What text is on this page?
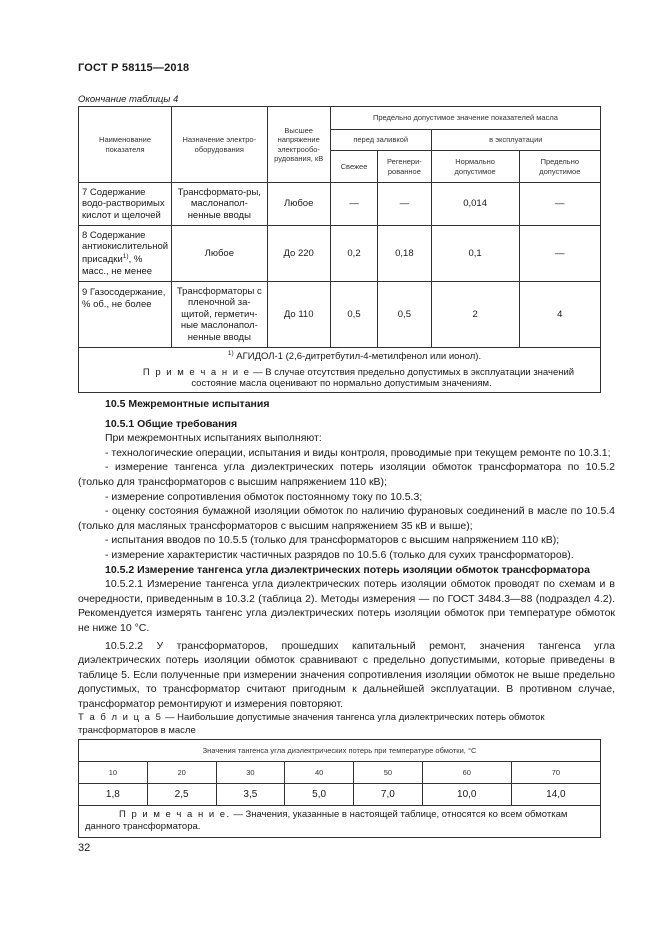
ГОСТ Р 58115—2018
Окончание таблицы 4
Наименование показателя	Назначение электро-оборудования	Высшее напряжение электрообо-рудования, кВ	Предельно допустимое значение показателей масла			
			перед заливкой		в эксплуатации	
			Свежее	Регенери-рованное	Нормально допустимое	Предельно допустимое
7 Содержание водо-растворимых кислот и щелочей	Трансформато-ры, маслонапол-ненные вводы	Любое	—	—	0,014	—
8 Содержание антиокислительной присадки$^{1)}$, % масс., не менее	Любое	До 220	0,2	0,18	0,1	—
9 Газосодержание, % об., не более	Трансформаторы с пленочной за-щитой, герметич-ные маслонапол-ненные вводы	До 110	0,5	0,5	2	4
$^{1)}$ АГИДОЛ-1 (2,6-дитретбутил-4-метилфенол или ионол).						
П р и м е ч а н и е — В случае отсутствия предельно допустимых в эксплуатации значений состояние масла оценивают по нормально допустимым значениям.						

10.5 Межремонтные испытания

10.5.1 Общие требования

При межремонтных испытаниях выполняют:

- технологические операции, испытания и виды контроля, проводимые при текущем ремонте по 10.3.1;

- измерение тангенса угла диэлектрических потерь изоляции обмоток трансформатора по 10.5.2 (только для трансформаторов с высшим напряжением 110 кВ);

- измерение сопротивления обмоток постоянному току по 10.5.3;

- оценку состояния бумажной изоляции обмоток по наличию фурановых соединений в масле по 10.5.4 (только для масляных трансформаторов с высшим напряжением 35 кВ и выше);

- испытания вводов по 10.5.5 (только для трансформаторов с высшим напряжением 110 кВ);

- измерение характеристик частичных разрядов по 10.5.6 (только для сухих трансформаторов).

10.5.2 Измерение тангенса угла диэлектрических потерь изоляции обмоток трансформатора

10.5.2.1 Измерение тангенса угла диэлектрических потерь изоляции обмоток проводят по схемам и в очередности, приведенным в 10.3.2 (таблица 2). Методы измерения — по ГОСТ 3484.3—88 (подраздел 4.2). Рекомендуется измерять тангенс угла диэлектрических потерь изоляции обмоток при температуре обмоток не ниже 10 °С.

10.5.2.2 У трансформаторов, прошедших капитальный ремонт, значения тангенса угла диэлектрических потерь изоляции обмоток сравнивают с предельно допустимыми, которые приведены в таблице 5. Если полученные при измерении значения сопротивления изоляции обмоток не выше предельно допустимых, то трансформатор считают пригодным к дальнейшей эксплуатации. В противном случае, трансформатор ремонтируют и измерения повторяют.

Т а б л и ц а 5 — Наибольшие допустимые значения тангенса угла диэлектрических потерь обмоток трансформаторов в масле
Значения тангенса угла диэлектрических потерь при температуре обмотки, °С						
10	20	30	40	50	60	70
1,8	2,5	3,5	5,0	7,0	10,0	14,0
П р и м е ч а н и е. — Значения, указанные в настоящей таблице, относятся ко всем обмоткам данного трансформатора.						
32
